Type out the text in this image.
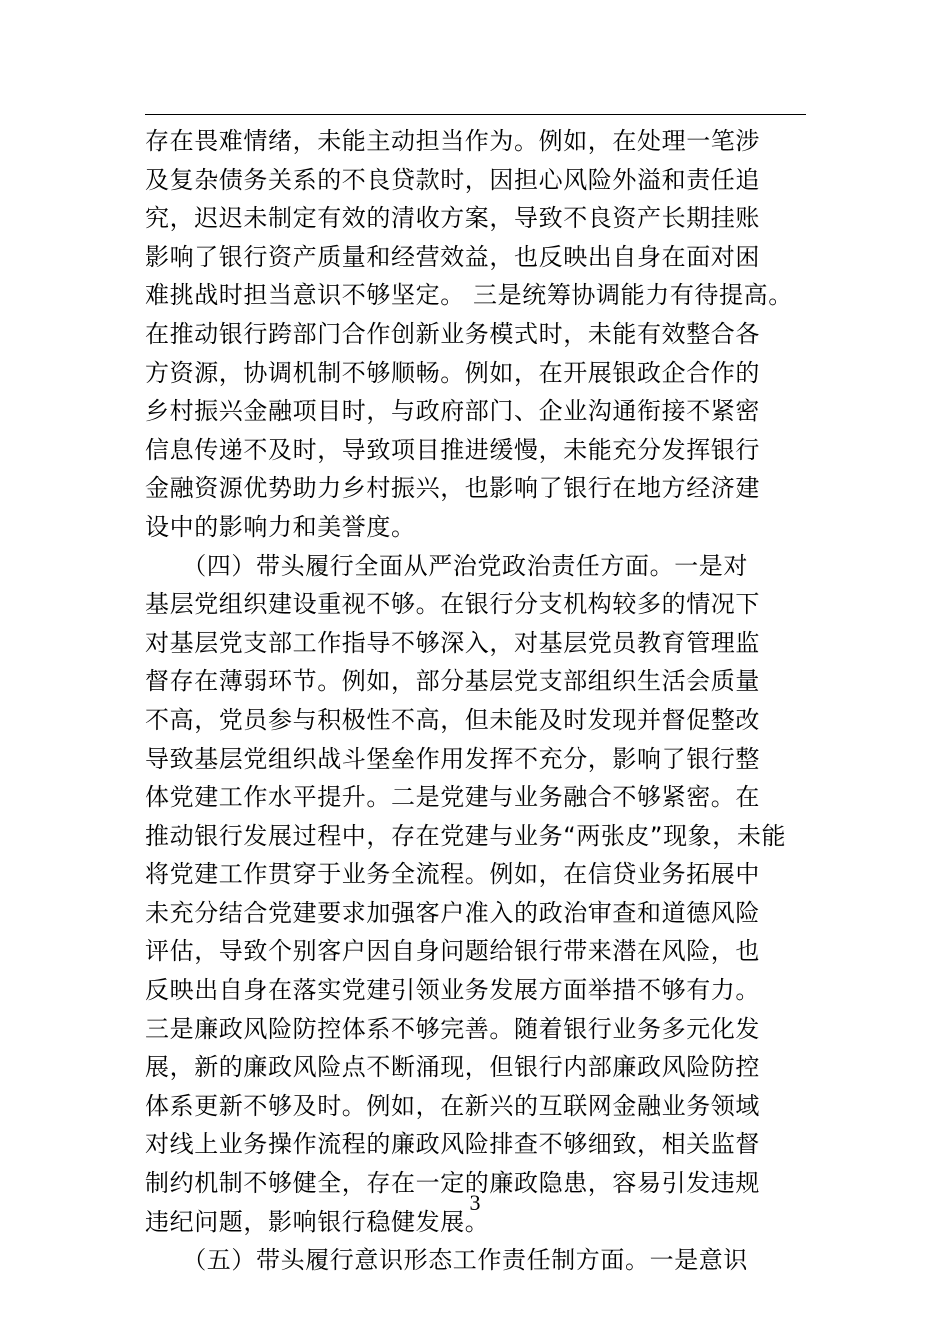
存在畏难情绪，未能主动担当作为。例如，在处理一笔涉
及复杂债务关系的不良贷款时，因担心风险外溢和责任追
究，迟迟未制定有效的清收方案，导致不良资产长期挂账
影响了银行资产质量和经营效益，也反映出自身在面对困
难挑战时担当意识不够坚定。 三是统筹协调能力有待提高。
在推动银行跨部门合作创新业务模式时，未能有效整合各
方资源，协调机制不够顺畅。例如，在开展银政企合作的
乡村振兴金融项目时，与政府部门、企业沟通衔接不紧密
信息传递不及时，导致项目推进缓慢，未能充分发挥银行
金融资源优势助力乡村振兴，也影响了银行在地方经济建
设中的影响力和美誉度。
　　（四）带头履行全面从严治党政治责任方面。一是对
基层党组织建设重视不够。在银行分支机构较多的情况下
对基层党支部工作指导不够深入，对基层党员教育管理监
督存在薄弱环节。例如，部分基层党支部组织生活会质量
不高，党员参与积极性不高，但未能及时发现并督促整改
导致基层党组织战斗堡垒作用发挥不充分，影响了银行整
体党建工作水平提升。二是党建与业务融合不够紧密。在
推动银行发展过程中，存在党建与业务“两张皮”现象，未能
将党建工作贯穿于业务全流程。例如，在信贷业务拓展中
未充分结合党建要求加强客户准入的政治审查和道德风险
评估，导致个别客户因自身问题给银行带来潜在风险，也
反映出自身在落实党建引领业务发展方面举措不够有力。
三是廉政风险防控体系不够完善。随着银行业务多元化发
展，新的廉政风险点不断涌现，但银行内部廉政风险防控
体系更新不够及时。例如，在新兴的互联网金融业务领域
对线上业务操作流程的廉政风险排查不够细致，相关监督
制约机制不够健全，存在一定的廉政隐患，容易引发违规
违纪问题，影响银行稳健发展。
　　（五）带头履行意识形态工作责任制方面。一是意识
3
